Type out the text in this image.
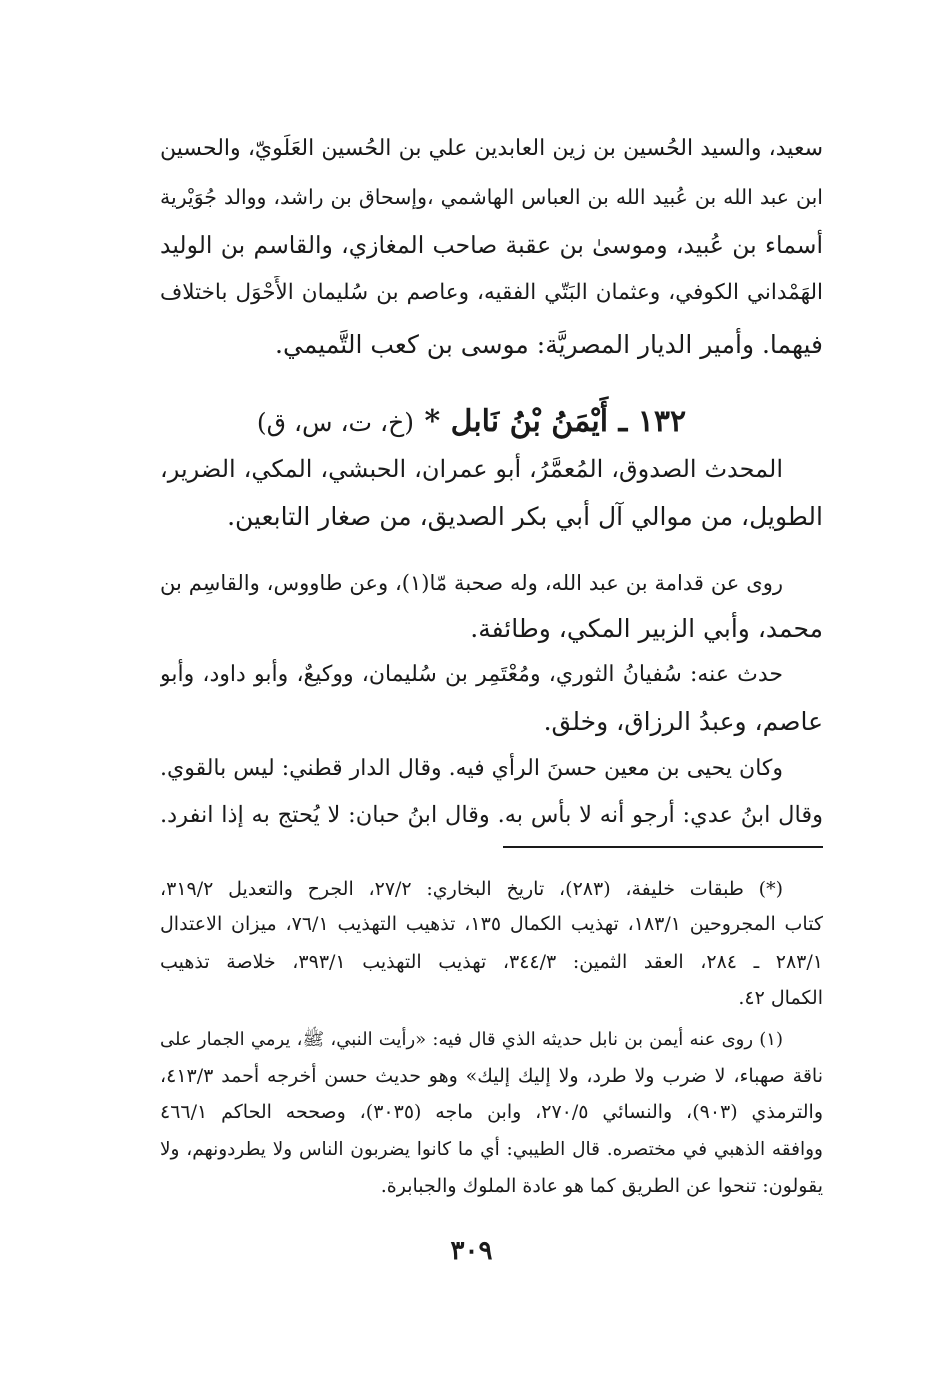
سعيد، والسيد الحُسين بن زين العابدين علي بن الحُسين العَلَويّ، والحسين
ابن عبد الله بن عُبيد الله بن العباس الهاشمي ،وإسحاق بن راشد، ووالد جُوَيْرية
أسماء بن عُبيد، وموسىٰ بن عقبة صاحب المغازي، والقاسم بن الوليد
الهَمْداني الكوفي، وعثمان البَتّي الفقيه، وعاصم بن سُليمان الأَحْوَل باختلاف
فيهما. وأمير الديار المصريَّة: موسى بن كعب التَّميمي.
١٣٢ ـ أَيْمَنُ بْنُ نَابل * (خ، ت، س، ق)
المحدث الصدوق، المُعمَّرُ، أبو عمران، الحبشي، المكي، الضرير،
الطويل، من موالي آل أبي بكر الصديق، من صغار التابعين.
روى عن قدامة بن عبد الله، وله صحبة مّا(١)، وعن طاووس، والقاسِم بن
محمد، وأبي الزبير المكي، وطائفة.
حدث عنه: سُفيانُ الثوري، ومُعْتَمِر بن سُليمان، ووكيعٌ، وأبو داود، وأبو
عاصم، وعبدُ الرزاق، وخلق.
وكان يحيى بن معين حسنَ الرأي فيه. وقال الدار قطني: ليس بالقوي.
وقال ابنُ عدي: أرجو أنه لا بأس به. وقال ابنُ حبان: لا يُحتج به إذا انفرد.
(*) طبقات خليفة، (٢٨٣)، تاريخ البخاري: ٢٧/٢، الجرح والتعديل ٣١٩/٢،
كتاب المجروحين ١٨٣/١، تهذيب الكمال ١٣٥، تذهيب التهذيب ٧٦/١، ميزان الاعتدال
٢٨٣/١ ـ ٢٨٤، العقد الثمين: ٣٤٤/٣، تهذيب التهذيب ٣٩٣/١، خلاصة تذهيب
الكمال ٤٢.
(١) روى عنه أيمن بن نابل حديثه الذي قال فيه: «رأيت النبي، ﷺ، يرمي الجمار على
ناقة صهباء، لا ضرب ولا طرد، ولا إليك إليك» وهو حديث حسن أخرجه أحمد ٤١٣/٣،
والترمذي (٩٠٣)، والنسائي ٢٧٠/٥، وابن ماجه (٣٠٣٥)، وصححه الحاكم ٤٦٦/١
ووافقه الذهبي في مختصره. قال الطيبي: أي ما كانوا يضربون الناس ولا يطردونهم، ولا
يقولون: تنحوا عن الطريق كما هو عادة الملوك والجبابرة.
٣٠٩
